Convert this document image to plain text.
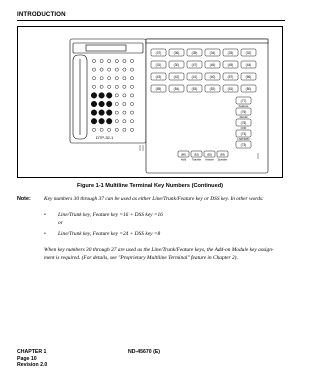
INTRODUCTION
(37)	(36)	(35)	(34)	(33)	(32)
(31)	(30)	(47)	(46)	(45)	(44)
(43)	(42)	(41)	(40)	(57)	(56)
(55)	(54)	(53)	(52)	(51)	(50)
(77)
Feature
(76)
Recall
(75)
CNF
(74)
LNR/SPD
(73)
(80)
Hold
(81)
Transfer
(82)
Answer
(83)
Speaker
DTP-32-1
Figure 1-1 Multiline Terminal Key Numbers (Continued)
Note: Key numbers 30 through 37 can be used as either Line/Trunk/Feature key or DSS key. In other words:
• Line/Trunk key, Feature key =16 + DSS key =16
or
• Line/Trunk key, Feature key =24 + DSS key =8
When key numbers 30 through 37 are used as the Line/Trunk/Feature keys, the Add-on Module key assign-
ment is required. (For details, see "Proprietary Multiline Terminal" feature in Chapter 2).
CHAPTER 1
Page 10
Revision 2.0
ND-45670 (E)
